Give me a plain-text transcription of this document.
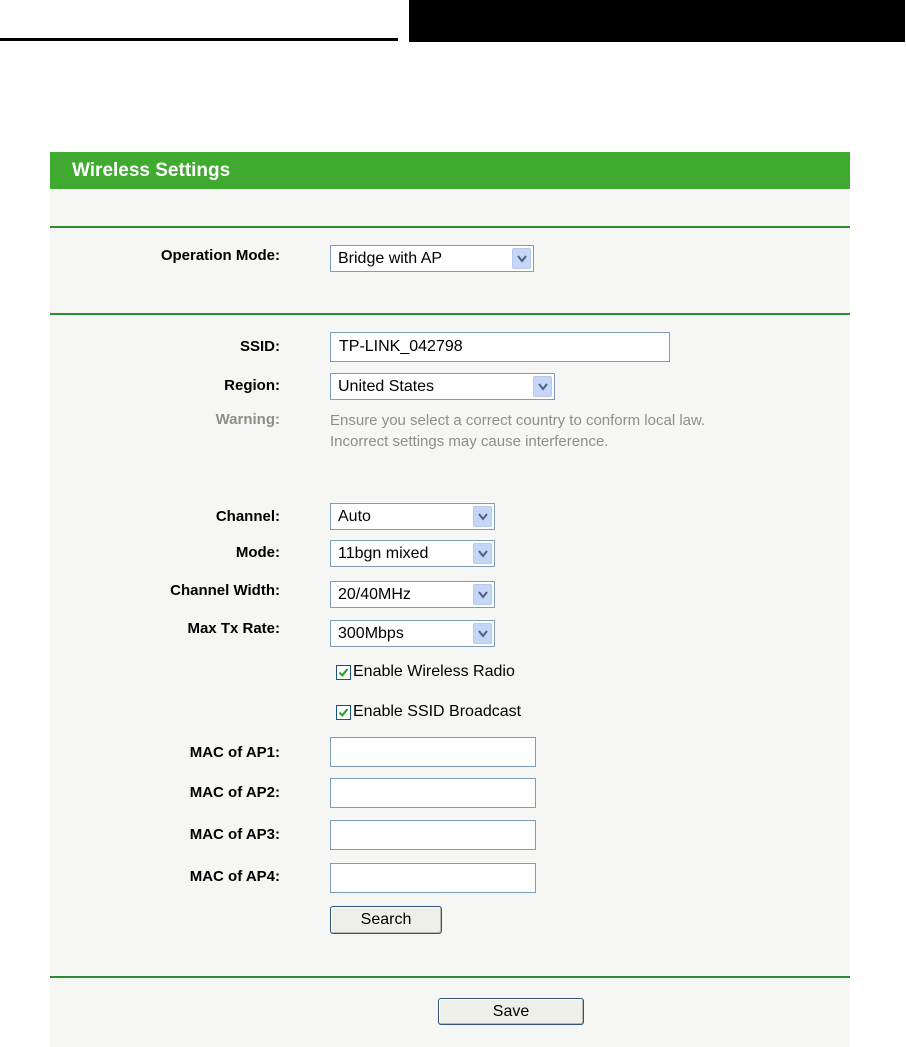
Wireless Settings
Operation Mode:	Bridge with AP
SSID:	TP-LINK_042798
Region:	United States
Warning:	Ensure you select a correct country to conform local law.
Incorrect settings may cause interference.
Channel:	Auto
Mode:	11bgn mixed
Channel Width:	20/40MHz
Max Tx Rate:	300Mbps
Enable Wireless Radio
Enable SSID Broadcast
MAC of AP1:
MAC of AP2:
MAC of AP3:
MAC of AP4:
Search
Save
